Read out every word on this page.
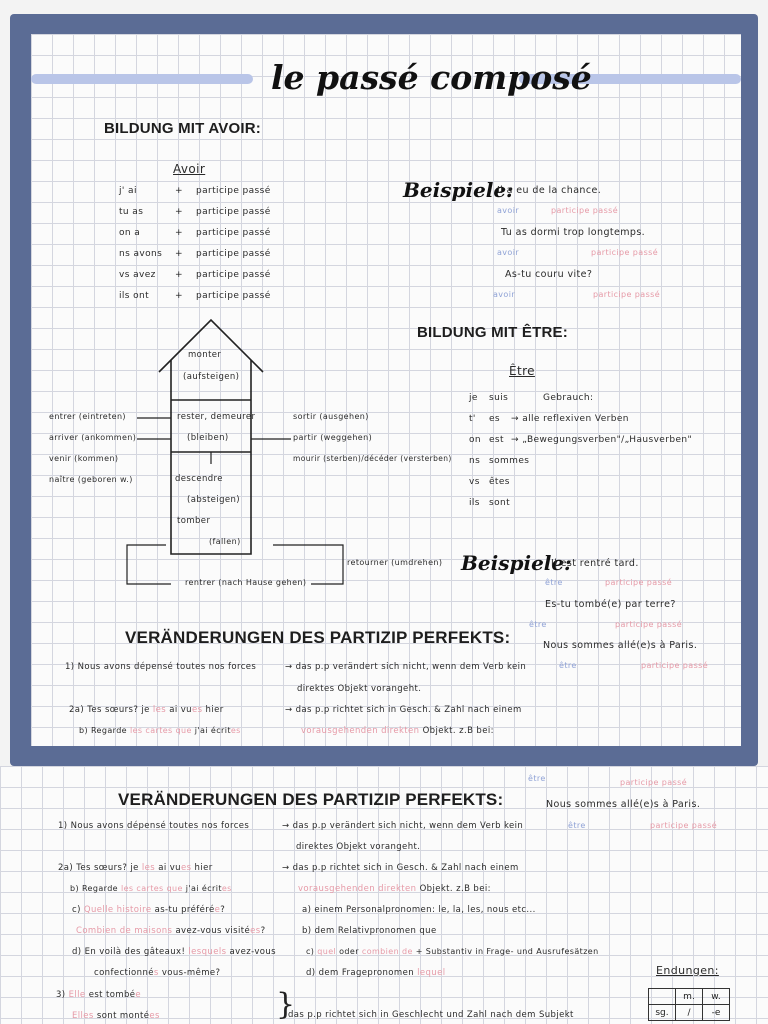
le passé composé
BILDUNG MIT AVOIR:
Avoir
j' ai	+ participe passé
tu as	+ participe passé
on a	+ participe passé
ns avons + participe passé
vs avez + participe passé
ils ont	+ participe passé
Beispiele:
Il a eu de la chance.
avoir	participe passé
Tu as dormi trop longtemps.
avoir	participe passé
As-tu couru vite?
avoir	participe passé
BILDUNG MIT ÊTRE:
Être
je suis
t' es
on est
ns sommes
vs êtes
ils sont
Gebrauch:
→ alle reflexiven Verben
→ „Bewegungsverben"/„Hausverben"
Beispiele:
Il est rentré tard.
être	participe passé
Es-tu tombé(e) par terre?
être	participe passé
Nous sommes allé(e)s à Paris.
être	participe passé
monter
(aufsteigen)
rester, demeurer
(bleiben)
descendre
(absteigen)
tomber
(fallen)
entrer (eintreten)
arriver (ankommen)
venir (kommen)
naître (geboren w.)
sortir (ausgehen)
partir (weggehen)
mourir (sterben)/décéder (versterben)
retourner (umdrehen)
rentrer (nach Hause gehen)
VERÄNDERUNGEN DES PARTIZIP PERFEKTS:
1) Nous avons dépensé toutes nos forces	→ das p.p verändert sich nicht, wenn dem Verb kein
direktes Objekt vorangeht.
2a) Tes sœurs? je les ai vues hier	→ das p.p richtet sich in Gesch. & Zahl nach einem
b) Regarde les cartes que j'ai écrites	vorausgehenden direkten Objekt. z.B bei:
être	participe passé
VERÄNDERUNGEN DES PARTIZIP PERFEKTS:	Nous sommes allé(e)s à Paris.
être	participe passé
1) Nous avons dépensé toutes nos forces	→ das p.p verändert sich nicht, wenn dem Verb kein
direktes Objekt vorangeht.
2a) Tes sœurs? je les ai vues hier	→ das p.p richtet sich in Gesch. & Zahl nach einem
b) Regarde les cartes que j'ai écrites	vorausgehenden direkten Objekt. z.B bei:
c) Quelle histoire as-tu préférée?	a) einem Personalpronomen: le, la, les, nous etc...
Combien de maisons avez-vous visitées?	b) dem Relativpronomen que
d) En voilà des gâteaux! lesquels avez-vous	c) quel oder combien de + Substantiv in Frage- und Ausrufesätzen
confectionnés vous-même?	d) dem Fragepronomen lequel	Endungen:
	m.	w.
sg.	/	-e
3) Elle est tombée
Elles sont montées	}
das p.p richtet sich in Geschlecht und Zahl nach dem Subjekt
